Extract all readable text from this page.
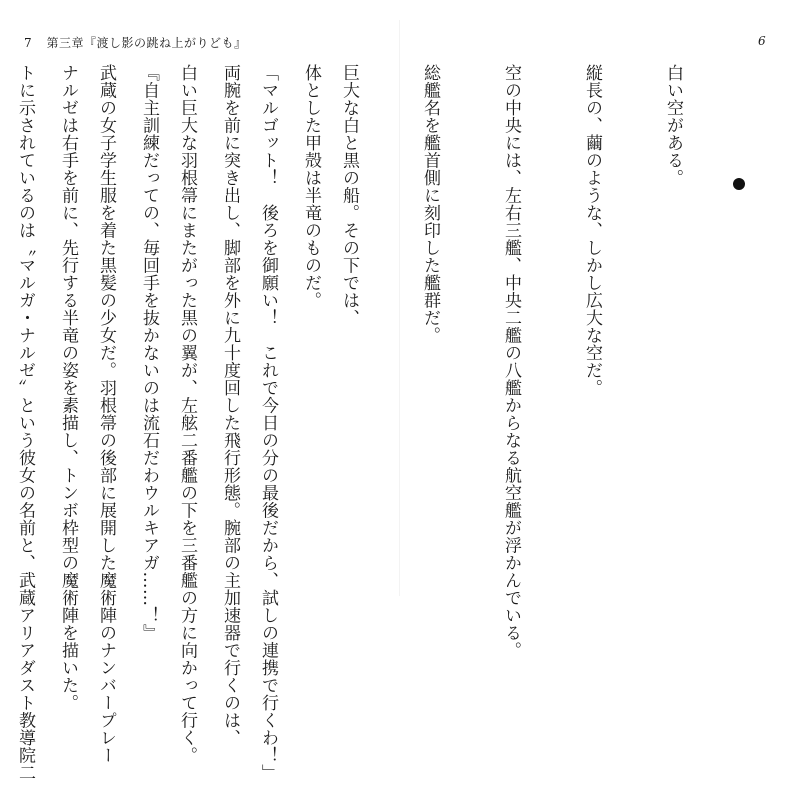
7 第三章『渡し影の跳ね上がりども』	6

白い空がある。

縦長の、繭のような、しかし広大な空だ。

空の中央には、左右三艦、中央二艦の八艦からなる航空艦が浮かんでいる。

総艦名を艦首側に刻印した艦群だ。

巨大な白と黒の船。その下では、

「マルゴット！　後ろを御願い！　これで今日の分の最後だから、試しの連携で行くわ！」

白い巨大な羽根箒にまたがった黒の翼が、左舷二番艦の下を三番艦の方に向かって行く。

武蔵の女子学生服を着た黒髪の少女だ。羽根箒の後部に展開した魔術陣のナンバープレー

トに示されているのは〝マルガ・ナルゼ〟という彼女の名前と、武蔵アリアダスト教導院二

	体とした甲殻は半竜のものだ。

両腕を前に突き出し、脚部を外に九十度回した飛行形態。腕部の主加速器で行くのは、

『自主訓練だっての、毎回手を抜かないのは流石だわウルキアガ……！』

ナルゼは右手を前に、先行する半竜の姿を素描し、トンボ枠型の魔術陣を描いた。
